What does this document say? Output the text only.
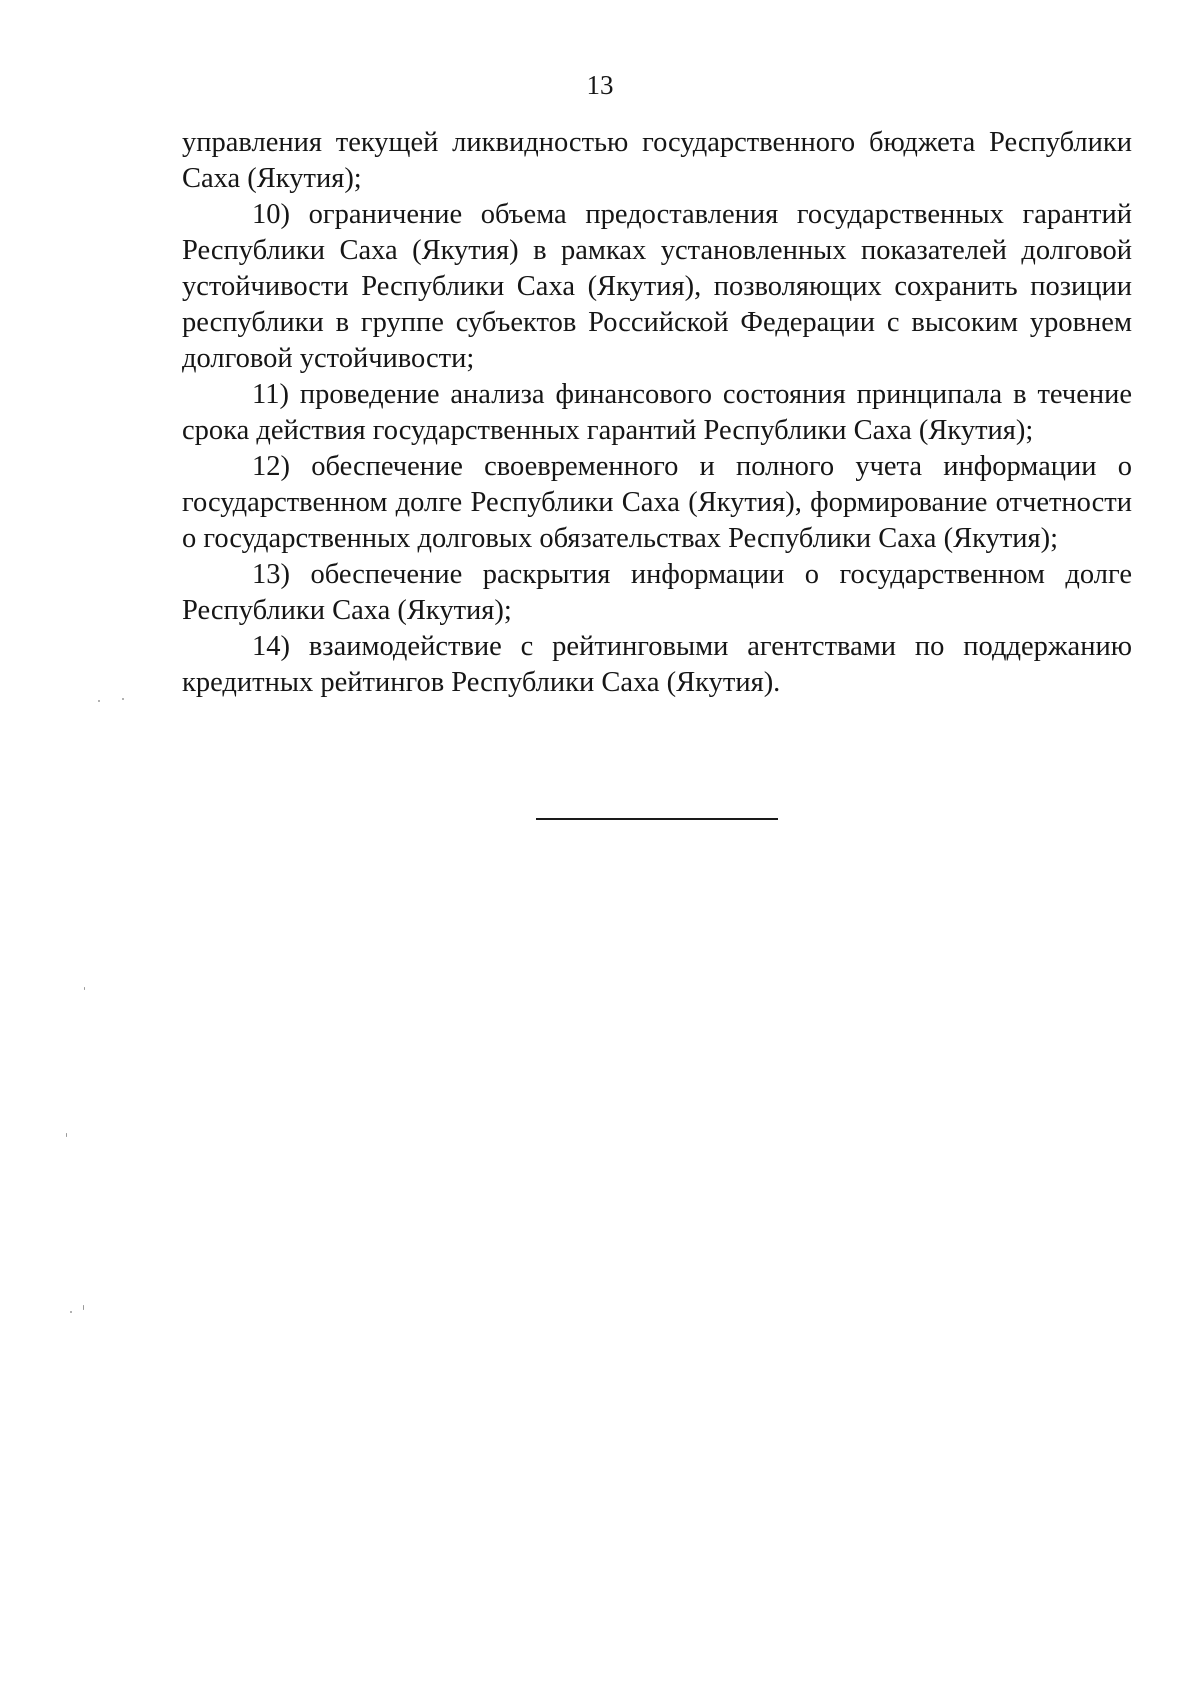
13

управления текущей ликвидностью государственного бюджета Республики Саха (Якутия);

10) ограничение объема предоставления государственных гарантий Республики Саха (Якутия) в рамках установленных показателей долговой устойчивости Республики Саха (Якутия), позволяющих сохранить позиции республики в группе субъектов Российской Федерации с высоким уровнем долговой устойчивости;

11) проведение анализа финансового состояния принципала в течение срока действия государственных гарантий Республики Саха (Якутия);

12) обеспечение своевременного и полного учета информации о государственном долге Республики Саха (Якутия), формирование отчетности о государственных долговых обязательствах Республики Саха (Якутия);

13) обеспечение раскрытия информации о государственном долге Республики Саха (Якутия);

14) взаимодействие с рейтинговыми агентствами по поддержанию кредитных рейтингов Республики Саха (Якутия).
